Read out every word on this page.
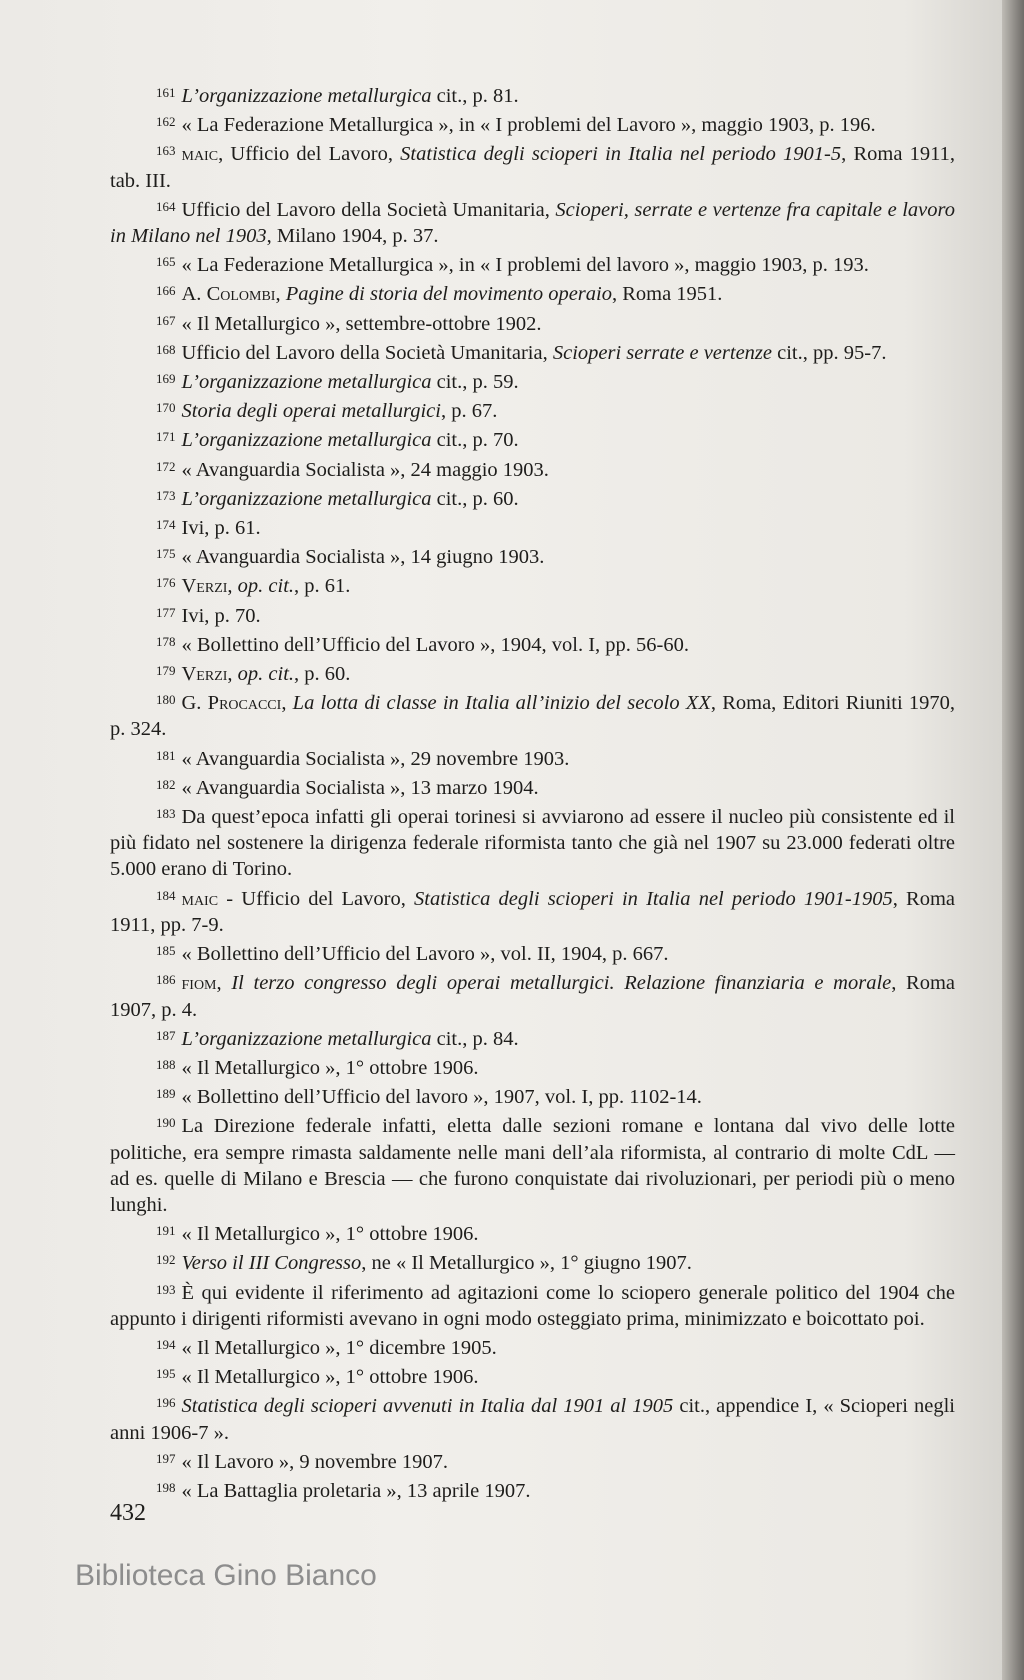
$^{161}$ L’organizzazione metallurgica cit., p. 81.

$^{162}$ « La Federazione Metallurgica », in « I problemi del Lavoro », maggio 1903, p. 196.

$^{163}$ maic, Ufficio del Lavoro, Statistica degli scioperi in Italia nel periodo 1901-5, Roma 1911, tab. III.

$^{164}$ Ufficio del Lavoro della Società Umanitaria, Scioperi, serrate e vertenze fra capitale e lavoro in Milano nel 1903, Milano 1904, p. 37.

$^{165}$ « La Federazione Metallurgica », in « I problemi del lavoro », maggio 1903, p. 193.

$^{166}$ A. Colombi, Pagine di storia del movimento operaio, Roma 1951.

$^{167}$ « Il Metallurgico », settembre-ottobre 1902.

$^{168}$ Ufficio del Lavoro della Società Umanitaria, Scioperi serrate e vertenze cit., pp. 95-7.

$^{169}$ L’organizzazione metallurgica cit., p. 59.

$^{170}$ Storia degli operai metallurgici, p. 67.

$^{171}$ L’organizzazione metallurgica cit., p. 70.

$^{172}$ « Avanguardia Socialista », 24 maggio 1903.

$^{173}$ L’organizzazione metallurgica cit., p. 60.

$^{174}$ Ivi, p. 61.

$^{175}$ « Avanguardia Socialista », 14 giugno 1903.

$^{176}$ Verzi, op. cit., p. 61.

$^{177}$ Ivi, p. 70.

$^{178}$ « Bollettino dell’Ufficio del Lavoro », 1904, vol. I, pp. 56-60.

$^{179}$ Verzi, op. cit., p. 60.

$^{180}$ G. Procacci, La lotta di classe in Italia all’inizio del secolo XX, Roma, Editori Riuniti 1970, p. 324.

$^{181}$ « Avanguardia Socialista », 29 novembre 1903.

$^{182}$ « Avanguardia Socialista », 13 marzo 1904.

$^{183}$ Da quest’epoca infatti gli operai torinesi si avviarono ad essere il nucleo più consistente ed il più fidato nel sostenere la dirigenza federale riformista tanto che già nel 1907 su 23.000 federati oltre 5.000 erano di Torino.

$^{184}$ maic - Ufficio del Lavoro, Statistica degli scioperi in Italia nel periodo 1901-1905, Roma 1911, pp. 7-9.

$^{185}$ « Bollettino dell’Ufficio del Lavoro », vol. II, 1904, p. 667.

$^{186}$ fiom, Il terzo congresso degli operai metallurgici. Relazione finanziaria e morale, Roma 1907, p. 4.

$^{187}$ L’organizzazione metallurgica cit., p. 84.

$^{188}$ « Il Metallurgico », 1° ottobre 1906.

$^{189}$ « Bollettino dell’Ufficio del lavoro », 1907, vol. I, pp. 1102-14.

$^{190}$ La Direzione federale infatti, eletta dalle sezioni romane e lontana dal vivo delle lotte politiche, era sempre rimasta saldamente nelle mani dell’ala riformista, al contrario di molte CdL — ad es. quelle di Milano e Brescia — che furono conquistate dai rivoluzionari, per periodi più o meno lunghi.

$^{191}$ « Il Metallurgico », 1° ottobre 1906.

$^{192}$ Verso il III Congresso, ne « Il Metallurgico », 1° giugno 1907.

$^{193}$ È qui evidente il riferimento ad agitazioni come lo sciopero generale politico del 1904 che appunto i dirigenti riformisti avevano in ogni modo osteggiato prima, minimizzato e boicottato poi.

$^{194}$ « Il Metallurgico », 1° dicembre 1905.

$^{195}$ « Il Metallurgico », 1° ottobre 1906.

$^{196}$ Statistica degli scioperi avvenuti in Italia dal 1901 al 1905 cit., appendice I, « Scioperi negli anni 1906-7 ».

$^{197}$ « Il Lavoro », 9 novembre 1907.

$^{198}$ « La Battaglia proletaria », 13 aprile 1907.

432
Biblioteca Gino Bianco
